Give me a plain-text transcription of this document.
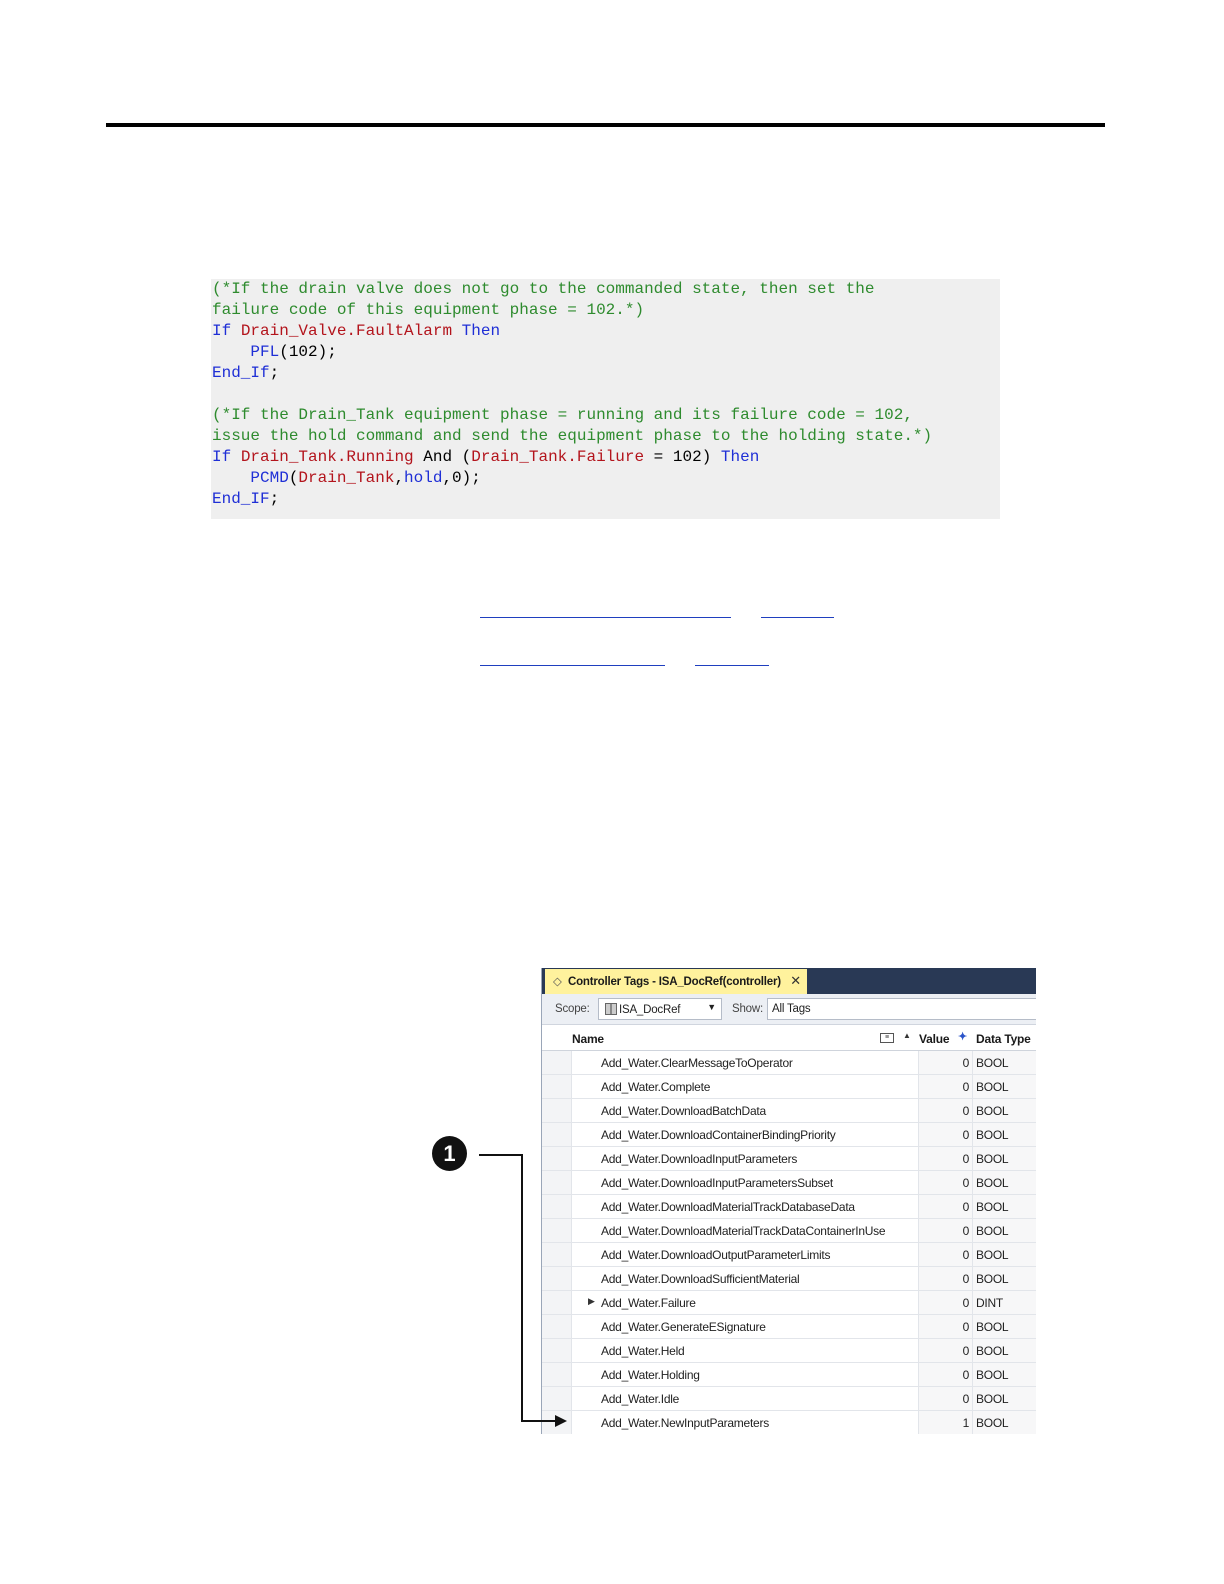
(*If the drain valve does not go to the commanded state, then set the
failure code of this equipment phase = 102.*)
If Drain_Valve.FaultAlarm Then
PFL(102);
End_If;

(*If the Drain_Tank equipment phase = running and its failure code = 102,
issue the hold command and send the equipment phase to the holding state.*)
If Drain_Tank.Running And (Drain_Tank.Failure = 102) Then
PCMD(Drain_Tank,hold,0);
End_IF;
◇ Controller Tags - ISA_DocRef(controller) ✕
Scope:	ISA_DocRef	▼ Show: All Tags
Name	≡	▲ Value ✦ Data Type
Add_Water.ClearMessageToOperator	0 BOOL
Add_Water.Complete	0 BOOL
Add_Water.DownloadBatchData	0 BOOL
Add_Water.DownloadContainerBindingPriority	0 BOOL
Add_Water.DownloadInputParameters	0 BOOL
Add_Water.DownloadInputParametersSubset	0 BOOL
Add_Water.DownloadMaterialTrackDatabaseData	0 BOOL
Add_Water.DownloadMaterialTrackDataContainerInUse	0 BOOL
Add_Water.DownloadOutputParameterLimits	0 BOOL
Add_Water.DownloadSufficientMaterial	0 BOOL
▶ Add_Water.Failure	0 DINT
Add_Water.GenerateESignature	0 BOOL
Add_Water.Held	0 BOOL
Add_Water.Holding	0 BOOL
Add_Water.Idle	0 BOOL
Add_Water.NewInputParameters	1 BOOL
1
